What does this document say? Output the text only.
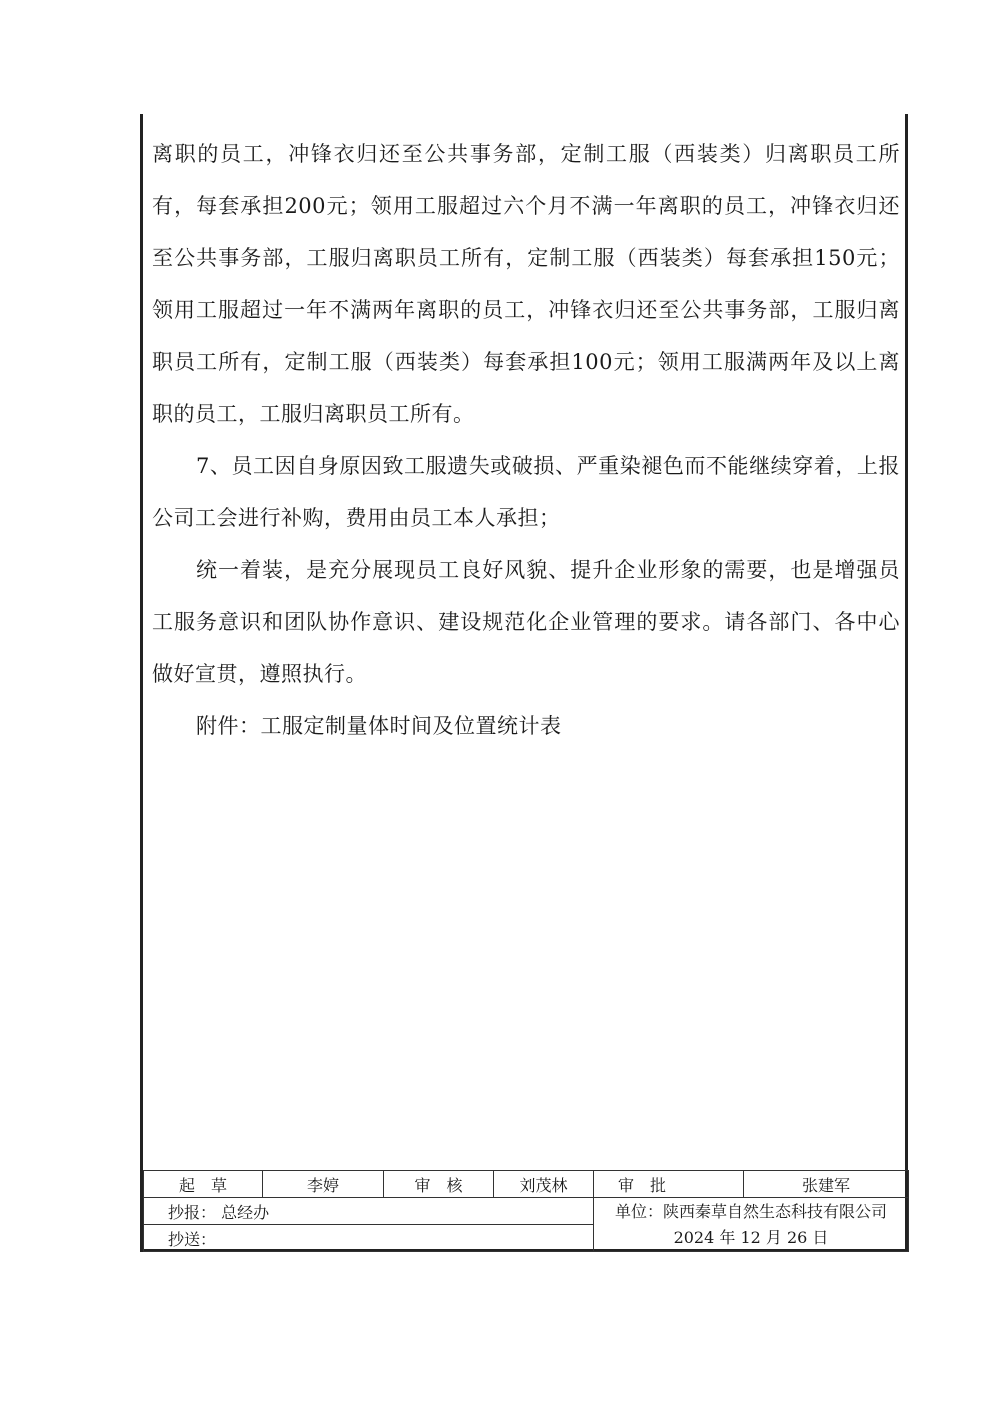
离职的员工，冲锋衣归还至公共事务部，定制工服（西装类）归离职员工所有，每套承担200元；领用工服超过六个月不满一年离职的员工，冲锋衣归还至公共事务部，工服归离职员工所有，定制工服（西装类）每套承担150元；领用工服超过一年不满两年离职的员工，冲锋衣归还至公共事务部，工服归离职员工所有，定制工服（西装类）每套承担100元；领用工服满两年及以上离职的员工，工服归离职员工所有。

7、员工因自身原因致工服遗失或破损、严重染褪色而不能继续穿着，上报公司工会进行补购，费用由员工本人承担；

统一着装，是充分展现员工良好风貌、提升企业形象的需要，也是增强员工服务意识和团队协作意识、建设规范化企业管理的要求。请各部门、各中心做好宣贯，遵照执行。

附件：工服定制量体时间及位置统计表

起　草	李婷	审　核	刘茂林	审　批	张建军
抄报： 总经办				单位：陕西秦草自然生态科技有限公司
2024 年 12 月 26 日	

抄送：					
